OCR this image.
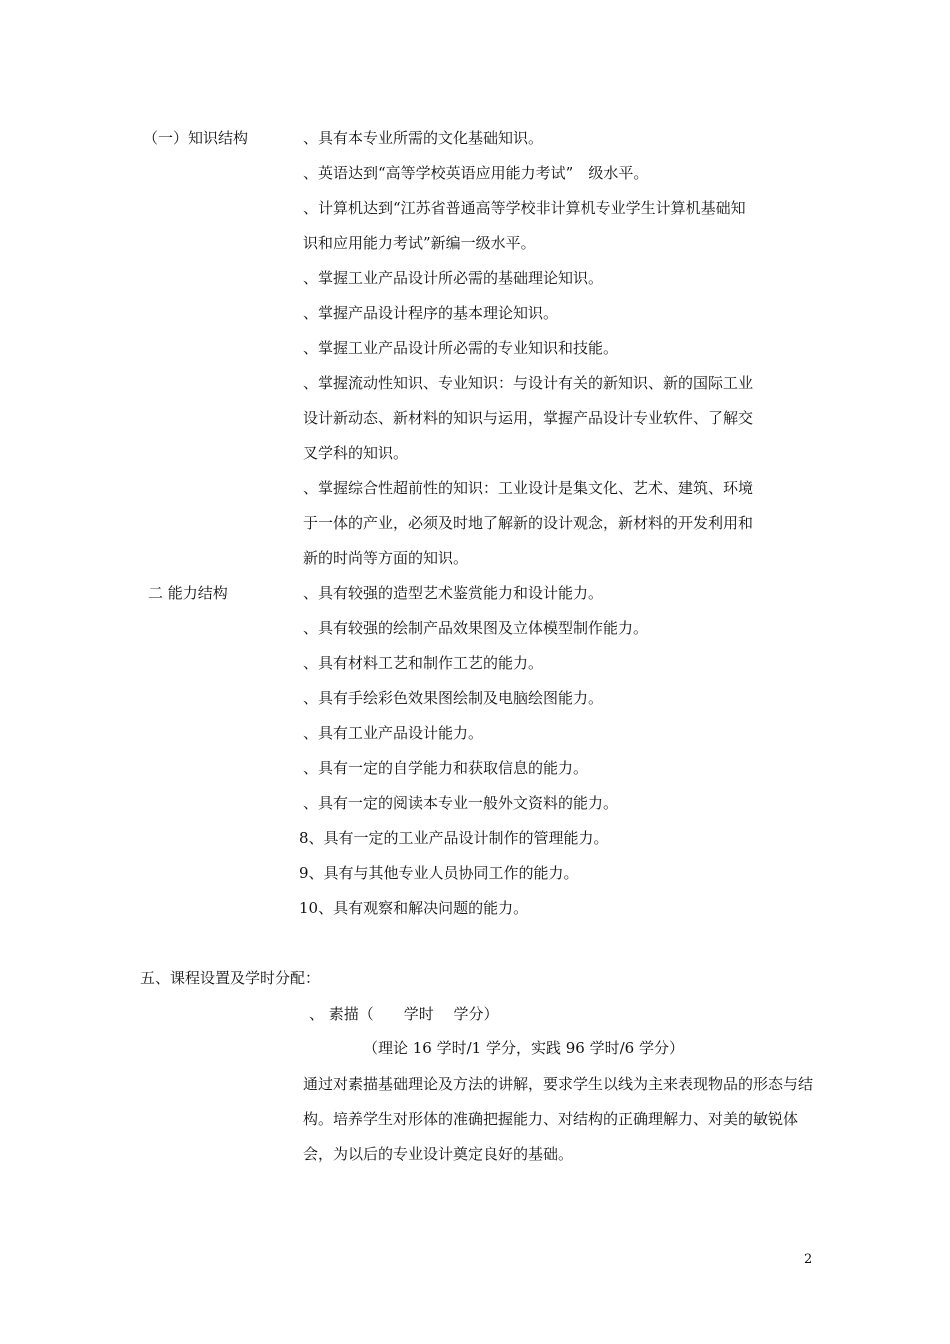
（一）知识结构	、具有本专业所需的文化基础知识。
、英语达到“高等学校英语应用能力考试”　级水平。
、计算机达到“江苏省普通高等学校非计算机专业学生计算机基础知
识和应用能力考试”新编一级水平。
、掌握工业产品设计所必需的基础理论知识。
、掌握产品设计程序的基本理论知识。
、掌握工业产品设计所必需的专业知识和技能。
、掌握流动性知识、专业知识：与设计有关的新知识、新的国际工业
设计新动态、新材料的知识与运用，掌握产品设计专业软件、了解交
叉学科的知识。
、掌握综合性超前性的知识：工业设计是集文化、艺术、建筑、环境
于一体的产业，必须及时地了解新的设计观念，新材料的开发利用和
新的时尚等方面的知识。
二 能力结构	、具有较强的造型艺术鉴赏能力和设计能力。
、具有较强的绘制产品效果图及立体模型制作能力。
、具有材料工艺和制作工艺的能力。
、具有手绘彩色效果图绘制及电脑绘图能力。
、具有工业产品设计能力。
、具有一定的自学能力和获取信息的能力。
、具有一定的阅读本专业一般外文资料的能力。
8、具有一定的工业产品设计制作的管理能力。
9、具有与其他专业人员协同工作的能力。
10、具有观察和解决问题的能力。
五、课程设置及学时分配：
、 素描（　　学时　 学分）
（理论 16 学时/1 学分，实践 96 学时/6 学分）
通过对素描基础理论及方法的讲解，要求学生以线为主来表现物品的形态与结构。培养学生对形体的准确把握能力、对结构的正确理解力、对美的敏锐体会，为以后的专业设计奠定良好的基础。
2
